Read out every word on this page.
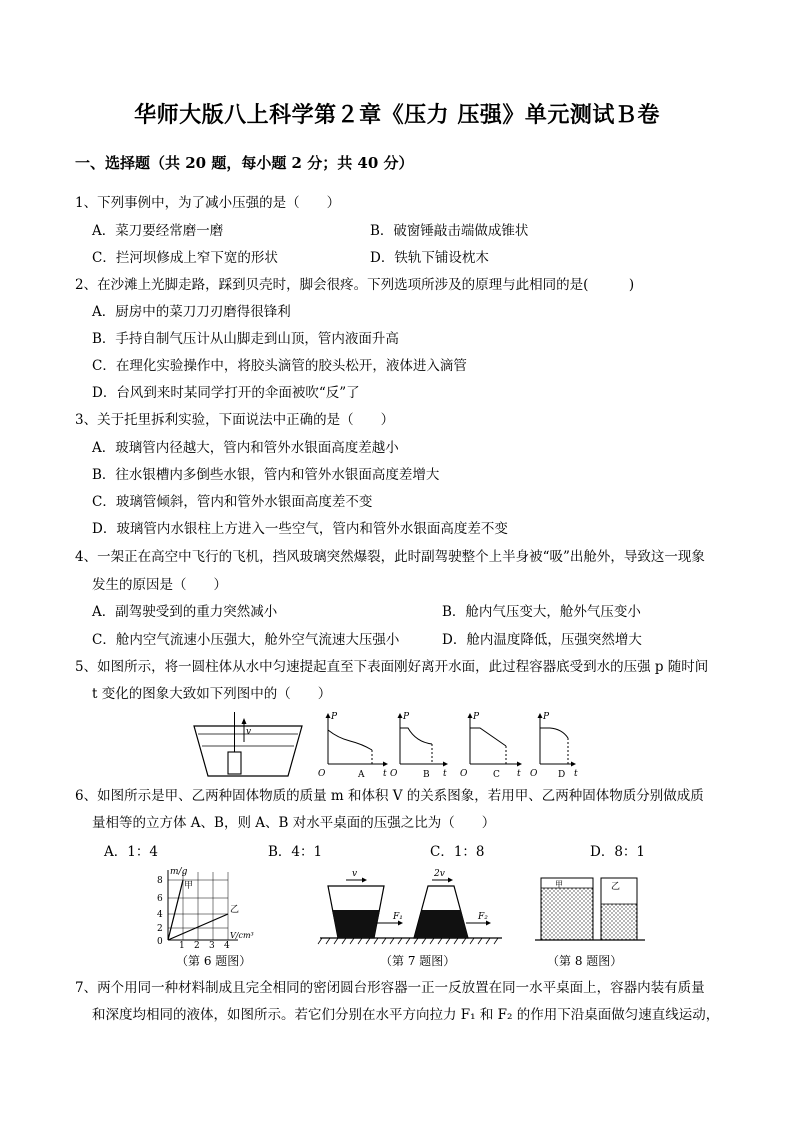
华师大版八上科学第２章《压力 压强》单元测试Ｂ卷
一、选择题（共 20 题，每小题 2 分；共 40 分）
1、下列事例中，为了减小压强的是（　　）
A．菜刀要经常磨一磨	B．破窗锤敲击端做成锥状
C．拦河坝修成上窄下宽的形状	D．铁轨下铺设枕木
2、在沙滩上光脚走路，踩到贝壳时，脚会很疼。下列选项所涉及的原理与此相同的是(　　　)
A．厨房中的菜刀刀刃磨得很锋利
B．手持自制气压计从山脚走到山顶，管内液面升高
C．在理化实验操作中，将胶头滴管的胶头松开，液体进入滴管
D．台风到来时某同学打开的伞面被吹“反”了
3、关于托里拆利实验，下面说法中正确的是（　　）
A．玻璃管内径越大，管内和管外水银面高度差越小
B．往水银槽内多倒些水银，管内和管外水银面高度差增大
C．玻璃管倾斜，管内和管外水银面高度差不变
D．玻璃管内水银柱上方进入一些空气，管内和管外水银面高度差不变
4、一架正在高空中飞行的飞机，挡风玻璃突然爆裂，此时副驾驶整个上半身被“吸”出舱外，导致这一现象
发生的原因是（　　）
A．副驾驶受到的重力突然减小	B．舱内气压变大，舱外气压变小
C．舱内空气流速小压强大，舱外空气流速大压强小	D．舱内温度降低，压强突然增大
5、如图所示，将一圆柱体从水中匀速提起直至下表面刚好离开水面，此过程容器底受到水的压强 p 随时间
t 变化的图象大致如下列图中的（　　）
v
P
O	A t
P
O	B t
P
O	C t
P
O D t
6、如图所示是甲、乙两种固体物质的质量 m 和体积 V 的关系图象，若用甲、乙两种固体物质分别做成质
量相等的立方体 A、B，则 A、B 对水平桌面的压强之比为（　　）
A．1：4	B．4：1	C．1：8	D．8：1
m/g
甲
乙
8
6
4
2
0 1 2 3 4
V/cm³
（第 6 题图）
v
F₁
2v
F₂
（第 7 题图）
甲	乙
（第 8 题图）
7、两个用同一种材料制成且完全相同的密闭圆台形容器一正一反放置在同一水平桌面上，容器内装有质量
和深度均相同的液体，如图所示。若它们分别在水平方向拉力 F₁ 和 F₂ 的作用下沿桌面做匀速直线运动，
